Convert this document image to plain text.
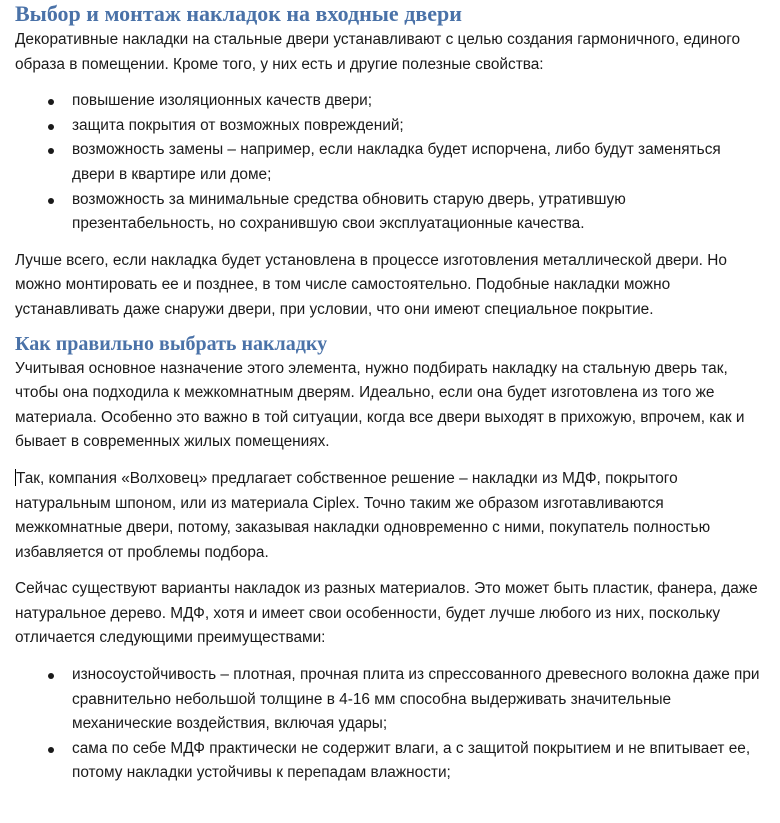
Выбор и монтаж накладок на входные двери

Декоративные накладки на стальные двери устанавливают с целью создания гармоничного, единого образа в помещении. Кроме того, у них есть и другие полезные свойства:

повышение изоляционных качеств двери;
защита покрытия от возможных повреждений;
возможность замены – например, если накладка будет испорчена, либо будут заменяться двери в квартире или доме;
возможность за минимальные средства обновить старую дверь, утратившую презентабельность, но сохранившую свои эксплуатационные качества.

Лучше всего, если накладка будет установлена в процессе изготовления металлической двери. Но можно монтировать ее и позднее, в том числе самостоятельно. Подобные накладки можно устанавливать даже снаружи двери, при условии, что они имеют специальное покрытие.

Как правильно выбрать накладку

Учитывая основное назначение этого элемента, нужно подбирать накладку на стальную дверь так, чтобы она подходила к межкомнатным дверям. Идеально, если она будет изготовлена из того же материала. Особенно это важно в той ситуации, когда все двери выходят в прихожую, впрочем, как и бывает в современных жилых помещениях.

Так, компания «Волховец» предлагает собственное решение – накладки из МДФ, покрытого натуральным шпоном, или из материала Ciplex. Точно таким же образом изготавливаются межкомнатные двери, потому, заказывая накладки одновременно с ними, покупатель полностью избавляется от проблемы подбора.

Сейчас существуют варианты накладок из разных материалов. Это может быть пластик, фанера, даже натуральное дерево. МДФ, хотя и имеет свои особенности, будет лучше любого из них, поскольку отличается следующими преимуществами:

износоустойчивость – плотная, прочная плита из спрессованного древесного волокна даже при сравнительно небольшой толщине в 4-16 мм способна выдерживать значительные механические воздействия, включая удары;
сама по себе МДФ практически не содержит влаги, а с защитой покрытием и не впитывает ее, потому накладки устойчивы к перепадам влажности;
